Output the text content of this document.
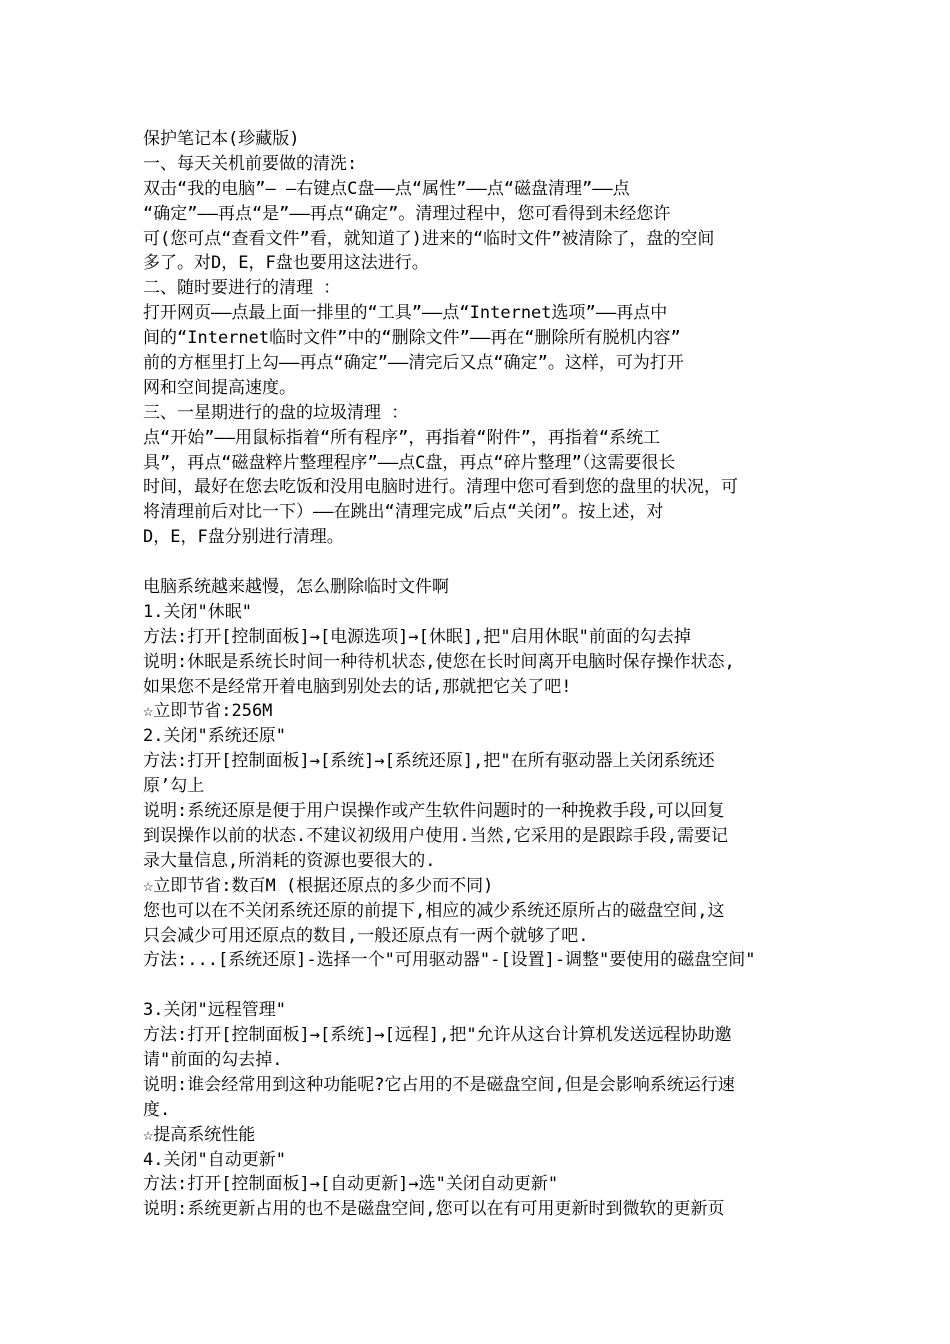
保护笔记本(珍藏版)
一、每天关机前要做的清洗:
双击“我的电脑”— —右键点C盘——点“属性”——点“磁盘清理”——点
“确定”——再点“是”——再点“确定”。清理过程中，您可看得到未经您许
可(您可点“查看文件”看，就知道了)进来的“临时文件”被清除了，盘的空间
多了。对D，E，F盘也要用这法进行。
二、随时要进行的清理 ：
打开网页——点最上面一排里的“工具”——点“Internet选项”——再点中
间的“Internet临时文件”中的“删除文件”——再在“删除所有脱机内容”
前的方框里打上勾——再点“确定”——清完后又点“确定”。这样，可为打开
网和空间提高速度。
三、一星期进行的盘的垃圾清理 ：
点“开始”——用鼠标指着“所有程序”，再指着“附件”，再指着“系统工
具”，再点“磁盘粹片整理程序”——点C盘，再点“碎片整理”（这需要很长
时间，最好在您去吃饭和没用电脑时进行。清理中您可看到您的盘里的状况，可
将清理前后对比一下）——在跳出“清理完成”后点“关闭”。按上述，对
D，E，F盘分别进行清理。
电脑系统越来越慢，怎么删除临时文件啊
1.关闭"休眠"
方法:打开[控制面板]→[电源选项]→[休眠],把"启用休眠"前面的勾去掉
说明:休眠是系统长时间一种待机状态,使您在长时间离开电脑时保存操作状态,
如果您不是经常开着电脑到别处去的话,那就把它关了吧!
☆立即节省:256M
2.关闭"系统还原"
方法:打开[控制面板]→[系统]→[系统还原],把"在所有驱动器上关闭系统还
原’勾上
说明:系统还原是便于用户误操作或产生软件问题时的一种挽救手段,可以回复
到误操作以前的状态.不建议初级用户使用.当然,它采用的是跟踪手段,需要记
录大量信息,所消耗的资源也要很大的.
☆立即节省:数百M (根据还原点的多少而不同)
您也可以在不关闭系统还原的前提下,相应的减少系统还原所占的磁盘空间,这
只会减少可用还原点的数目,一般还原点有一两个就够了吧.
方法:...[系统还原]-选择一个"可用驱动器"-[设置]-调整"要使用的磁盘空间"
3.关闭"远程管理"
方法:打开[控制面板]→[系统]→[远程],把"允许从这台计算机发送远程协助邀
请"前面的勾去掉.
说明:谁会经常用到这种功能呢?它占用的不是磁盘空间,但是会影响系统运行速
度.
☆提高系统性能
4.关闭"自动更新"
方法:打开[控制面板]→[自动更新]→选"关闭自动更新"
说明:系统更新占用的也不是磁盘空间,您可以在有可用更新时到微软的更新页
